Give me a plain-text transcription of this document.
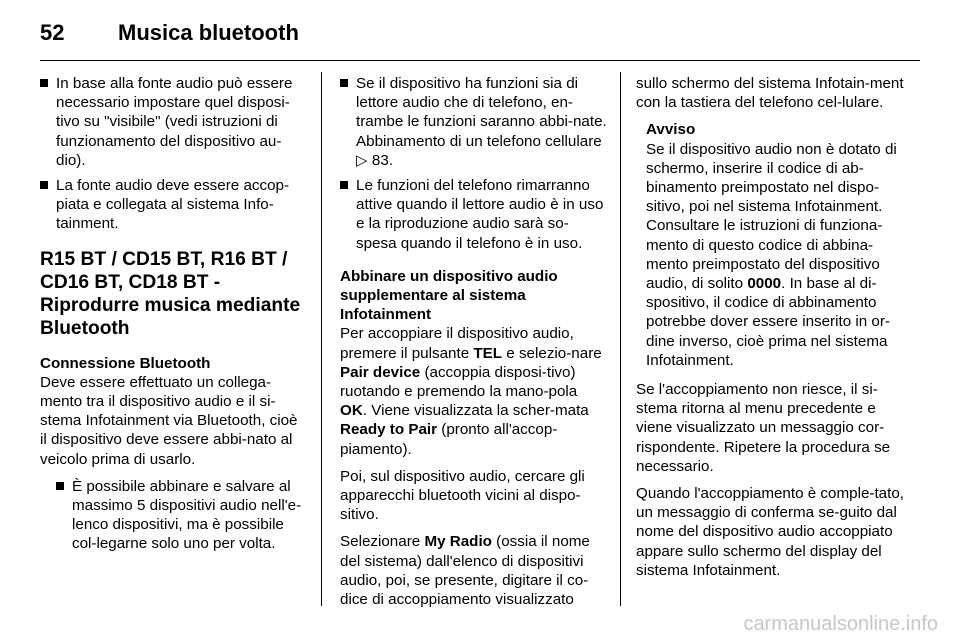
52 Musica bluetooth
In base alla fonte audio può essere necessario impostare quel disposi-tivo su "visibile" (vedi istruzioni di funzionamento del dispositivo au-dio).
La fonte audio deve essere accop-piata e collegata al sistema Info-tainment.
R15 BT / CD15 BT, R16 BT / CD16 BT, CD18 BT - Riprodurre musica mediante Bluetooth

Connessione Bluetooth

Deve essere effettuato un collega-mento tra il dispositivo audio e il si-stema Infotainment via Bluetooth, cioè il dispositivo deve essere abbi-nato al veicolo prima di usarlo.

È possibile abbinare e salvare al massimo 5 dispositivi audio nell'e-lenco dispositivi, ma è possibile col-legarne solo uno per volta.
Se il dispositivo ha funzioni sia di lettore audio che di telefono, en-trambe le funzioni saranno abbi-nate. Abbinamento di un telefono cellulare ▷ 83.
Le funzioni del telefono rimarranno attive quando il lettore audio è in uso e la riproduzione audio sarà so-spesa quando il telefono è in uso.

Abbinare un dispositivo audio supplementare al sistema Infotainment

Per accoppiare il dispositivo audio, premere il pulsante TEL e selezio-nare Pair device (accoppia disposi-tivo) ruotando e premendo la mano-pola OK. Viene visualizzata la scher-mata Ready to Pair (pronto all'accop-piamento).

Poi, sul dispositivo audio, cercare gli apparecchi bluetooth vicini al dispo-sitivo.

Selezionare My Radio (ossia il nome del sistema) dall'elenco di dispositivi audio, poi, se presente, digitare il co-dice di accoppiamento visualizzato

sullo schermo del sistema Infotain-ment con la tastiera del telefono cel-lulare.

Avviso
Se il dispositivo audio non è dotato di schermo, inserire il codice di ab-binamento preimpostato nel dispo-sitivo, poi nel sistema Infotainment. Consultare le istruzioni di funziona-mento di questo codice di abbina-mento preimpostato del dispositivo audio, di solito 0000. In base al di-spositivo, il codice di abbinamento potrebbe dover essere inserito in or-dine inverso, cioè prima nel sistema Infotainment.

Se l'accoppiamento non riesce, il si-stema ritorna al menu precedente e viene visualizzato un messaggio cor-rispondente. Ripetere la procedura se necessario.

Quando l'accoppiamento è comple-tato, un messaggio di conferma se-guito dal nome del dispositivo audio accoppiato appare sullo schermo del display del sistema Infotainment.

carmanualsonline.info
